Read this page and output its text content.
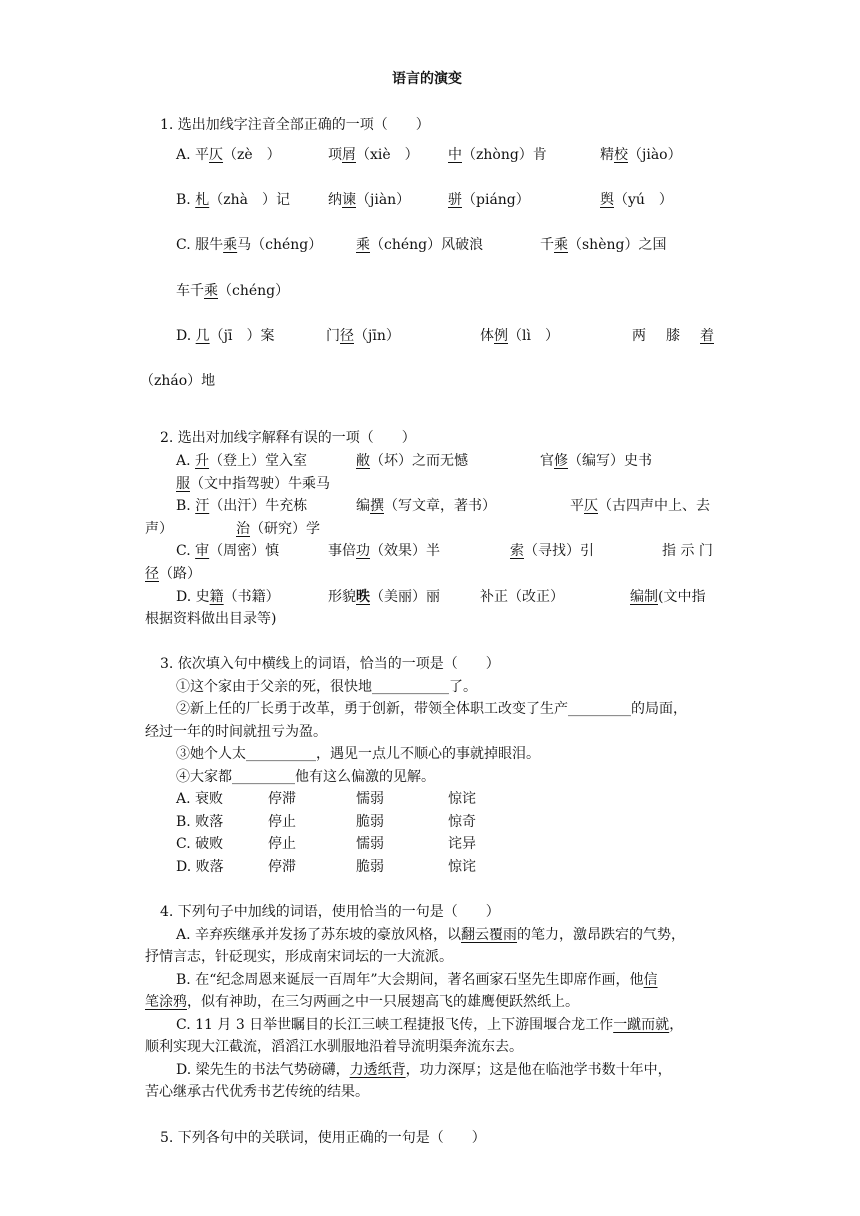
语言的演变
1. 选出加线字注音全部正确的一项（　　）
A. 平仄（zè　）	项屑（xiè　） 中（zhòng）肯	精校（jiào）
B. 札（zhà　）记	纳谏（jiàn）	骈（piáng）	舆（yú　）
C. 服牛乘马（chéng） 乘（chéng）风破浪	千乘（shèng）之国
车千乘（chéng）
D. 几（jī　）案	门径（jīn）	体例（lì　）	两 膝 着
（zháo）地
2. 选出对加线字解释有误的一项（　　）
A. 升（登上）堂入室	敝（坏）之而无憾	官修（编写）史书
服（文中指驾驶）牛乘马
B. 汗（出汗）牛充栋	编撰（写文章，著书）	平仄（古四声中上、去
声）	治（研究）学
C. 审（周密）慎	事倍功（效果）半	索（寻找）引	指 示 门
径（路）
D. 史籍（书籍）	形貌昳（美丽）丽	补正（改正）	编制(文中指
根据资料做出目录等)
3. 依次填入句中横线上的词语，恰当的一项是（　　）
①这个家由于父亲的死，很快地___________了。
②新上任的厂长勇于改革，勇于创新，带领全体职工改变了生产_________的局面，
经过一年的时间就扭亏为盈。
③她个人太__________，遇见一点儿不顺心的事就掉眼泪。
④大家都_________他有这么偏激的见解。
A. 衰败	停滞	懦弱	惊诧
B. 败落	停止	脆弱	惊奇
C. 破败	停止	懦弱	诧异
D. 败落	停滞	脆弱	惊诧
4. 下列句子中加线的词语，使用恰当的一句是（　　）
A. 辛弃疾继承并发扬了苏东坡的豪放风格，以翻云覆雨的笔力，激昂跌宕的气势，
抒情言志，针砭现实，形成南宋词坛的一大流派。
B. 在“纪念周恩来诞辰一百周年”大会期间，著名画家石坚先生即席作画，他信
笔涂鸦，似有神助，在三匀两画之中一只展翅高飞的雄鹰便跃然纸上。
C. 11 月 3 日举世瞩目的长江三峡工程捷报飞传，上下游围堰合龙工作一蹴而就，
顺利实现大江截流，滔滔江水驯服地沿着导流明渠奔流东去。
D. 梁先生的书法气势磅礴，力透纸背，功力深厚；这是他在临池学书数十年中，
苦心继承古代优秀书艺传统的结果。
5. 下列各句中的关联词，使用正确的一句是（　　）
